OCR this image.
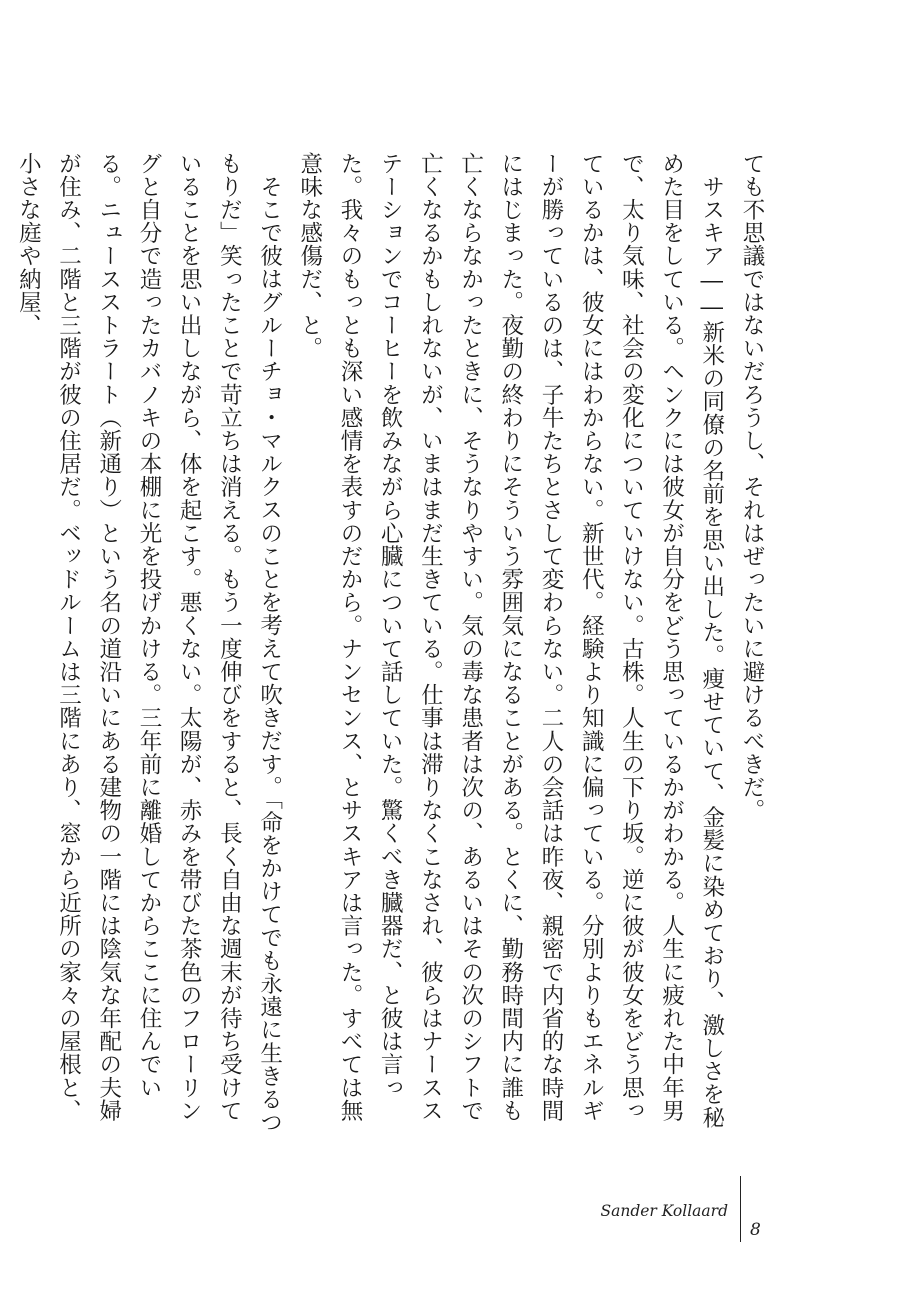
ても不思議ではないだろうし、それはぜったいに避けるべきだ。

サスキア――新米の同僚の名前を思い出した。痩せていて、金髪に染めており、激しさを秘めた目をしている。ヘンクには彼女が自分をどう思っているかがわかる。人生に疲れた中年男で、太り気味、社会の変化についていけない。古株。人生の下り坂。逆に彼が彼女をどう思っているかは、彼女にはわからない。新世代。経験より知識に偏っている。分別よりもエネルギーが勝っているのは、子牛たちとさして変わらない。二人の会話は昨夜、親密で内省的な時間にはじまった。夜勤の終わりにそういう雰囲気になることがある。とくに、勤務時間内に誰も亡くならなかったときに、そうなりやすい。気の毒な患者は次の、あるいはその次のシフトで亡くなるかもしれないが、いまはまだ生きている。仕事は滞りなくこなされ、彼らはナースステーションでコーヒーを飲みながら心臓について話していた。驚くべき臓器だ、と彼は言った。我々のもっとも深い感情を表すのだから。ナンセンス、とサスキアは言った。すべては無意味な感傷だ、と。

そこで彼はグルーチョ・マルクスのことを考えて吹きだす。「命をかけてでも永遠に生きるつもりだ」笑ったことで苛立ちは消える。もう一度伸びをすると、長く自由な週末が待ち受けていることを思い出しながら、体を起こす。悪くない。太陽が、赤みを帯びた茶色のフローリングと自分で造ったカバノキの本棚に光を投げかける。三年前に離婚してからここに住んでいる。ニュースストラート（新通り）という名の道沿いにある建物の一階には陰気な年配の夫婦が住み、二階と三階が彼の住居だ。ベッドルームは三階にあり、窓から近所の家々の屋根と、小さな庭や納屋、

Sander Kollaard
8
